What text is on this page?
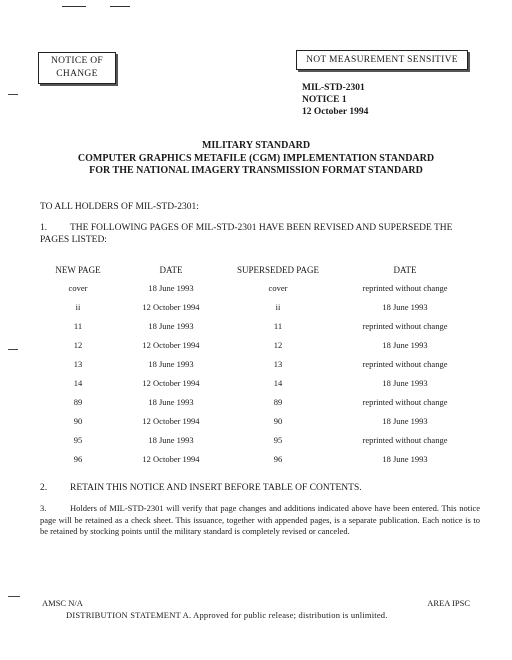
NOTICE OF
CHANGE
NOT MEASUREMENT SENSITIVE
MIL-STD-2301
NOTICE 1
12 October 1994
MILITARY STANDARD
COMPUTER GRAPHICS METAFILE (CGM) IMPLEMENTATION STANDARD
FOR THE NATIONAL IMAGERY TRANSMISSION FORMAT STANDARD
TO ALL HOLDERS OF MIL-STD-2301:
1. THE FOLLOWING PAGES OF MIL-STD-2301 HAVE BEEN REVISED AND SUPERSEDE THE PAGES LISTED:
NEW PAGE	DATE	SUPERSEDED PAGE	DATE
cover	18 June 1993	cover	reprinted without change
ii	12 October 1994	ii	18 June 1993
11	18 June 1993	11	reprinted without change
12	12 October 1994	12	18 June 1993
13	18 June 1993	13	reprinted without change
14	12 October 1994	14	18 June 1993
89	18 June 1993	89	reprinted without change
90	12 October 1994	90	18 June 1993
95	18 June 1993	95	reprinted without change
96	12 October 1994	96	18 June 1993
2. RETAIN THIS NOTICE AND INSERT BEFORE TABLE OF CONTENTS.
3.	Holders of MIL-STD-2301 will verify that page changes and additions indicated above have been entered. This notice page will be retained as a check sheet. This issuance, together with appended pages, is a separate publication. Each notice is to be retained by stocking points until the military standard is completely revised or canceled.
AMSC N/A	AREA IPSC
DISTRIBUTION STATEMENT A. Approved for public release; distribution is unlimited.
